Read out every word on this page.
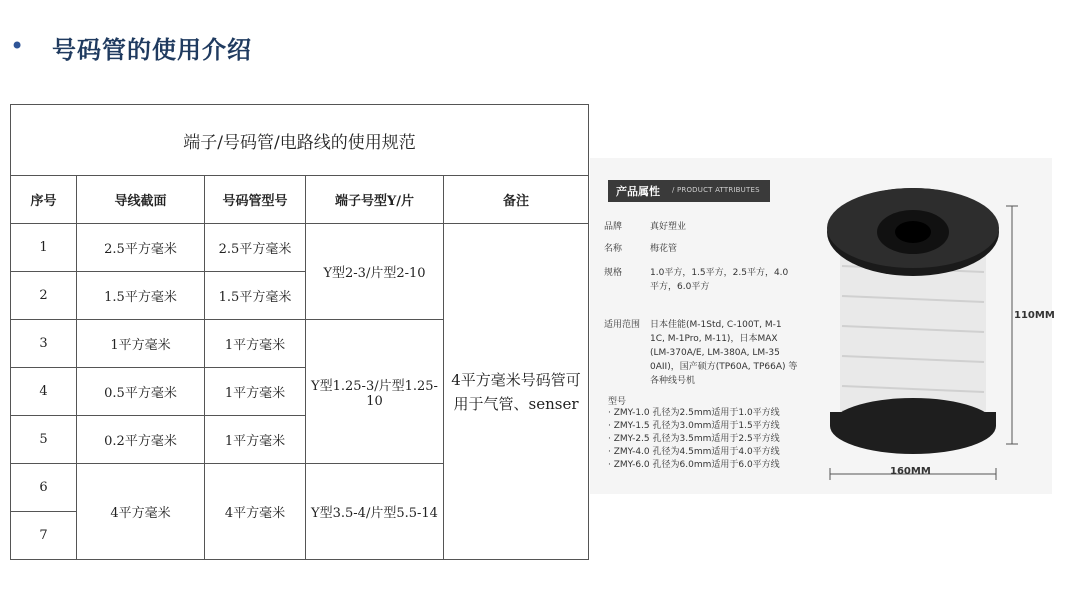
• 号码管的使用介绍
端子/号码管/电路线的使用规范				
序号	导线截面	号码管型号	端子号型Y/片	备注
1	2.5平方毫米	2.5平方毫米	Y型2-3/片型2-10	4平方毫米号码管可用于气管、senser
2	1.5平方毫米	1.5平方毫米		
3	1平方毫米	1平方毫米	Y型1.25-3/片型1.25-10	
4	0.5平方毫米	1平方毫米		
5	0.2平方毫米	1平方毫米		
6	4平方毫米	4平方毫米	Y型3.5-4/片型5.5-14	
7				
产品属性 / PRODUCT ATTRIBUTES
品牌	真好塑业
名称	梅花管
规格	1.0平方，1.5平方，2.5平方，4.0平方，6.0平方
适用范围	日本佳能(M-1Std, C-100T, M-1 1C, M-1Pro, M-11)，日本MAX (LM-370A/E, LM-380A, LM-35 0AII)，国产硕方(TP60A, TP66A) 等各种线号机
型号
· ZMY-1.0 孔径为2.5mm适用于1.0平方线
· ZMY-1.5 孔径为3.0mm适用于1.5平方线
· ZMY-2.5 孔径为3.5mm适用于2.5平方线
· ZMY-4.0 孔径为4.5mm适用于4.0平方线
· ZMY-6.0 孔径为6.0mm适用于6.0平方线
110MM
160MM
